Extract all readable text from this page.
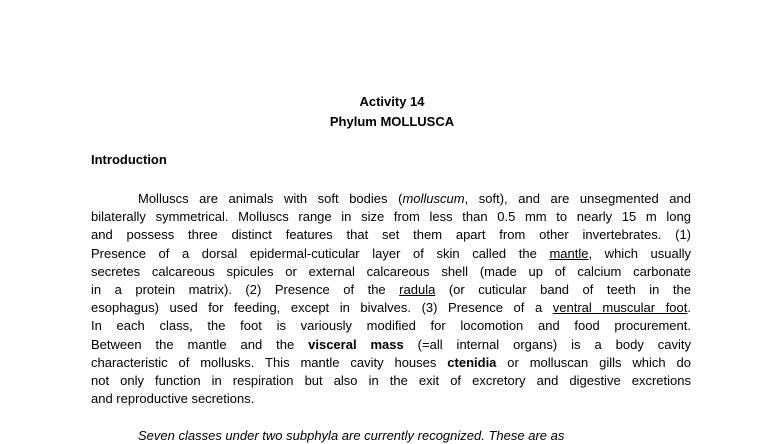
Activity 14
Phylum MOLLUSCA
Introduction
Molluscs are animals with soft bodies (molluscum, soft), and are unsegmented and
bilaterally symmetrical. Molluscs range in size from less than 0.5 mm to nearly 15 m long
and possess three distinct features that set them apart from other invertebrates. (1)
Presence of a dorsal epidermal-cuticular layer of skin called the mantle, which usually
secretes calcareous spicules or external calcareous shell (made up of calcium carbonate
in a protein matrix). (2) Presence of the radula (or cuticular band of teeth in the
esophagus) used for feeding, except in bivalves. (3) Presence of a ventral muscular foot.
In each class, the foot is variously modified for locomotion and food procurement.
Between the mantle and the visceral mass (=all internal organs) is a body cavity
characteristic of mollusks. This mantle cavity houses ctenidia or molluscan gills which do
not only function in respiration but also in the exit of excretory and digestive excretions
and reproductive secretions.
Seven classes under two subphyla are currently recognized. These are as
